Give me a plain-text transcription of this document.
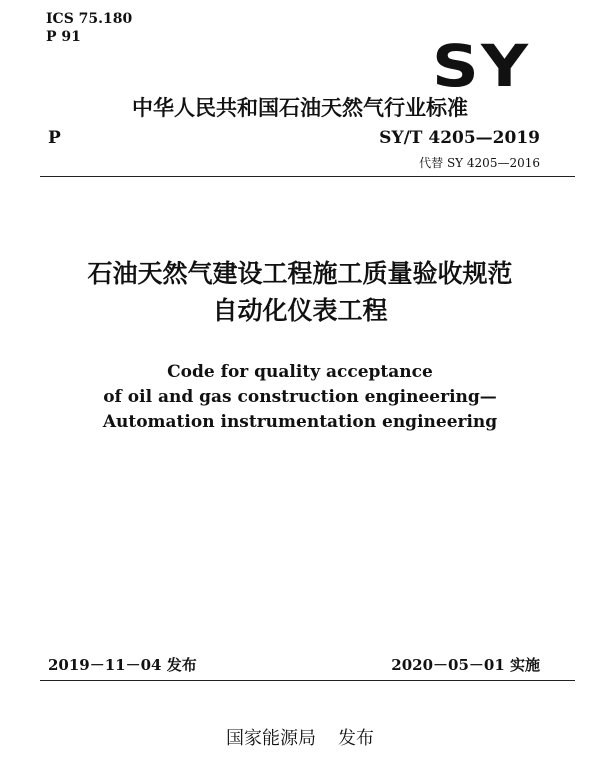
ICS 75.180
P 91	SY
中华人民共和国石油天然气行业标准
P	SY/T 4205—2019
代替 SY 4205—2016
石油天然气建设工程施工质量验收规范
自动化仪表工程
Code for quality acceptance
of oil and gas construction engineering—
Automation instrumentation engineering
2019－11－04 发布	2020－05－01 实施
国家能源局 发布
